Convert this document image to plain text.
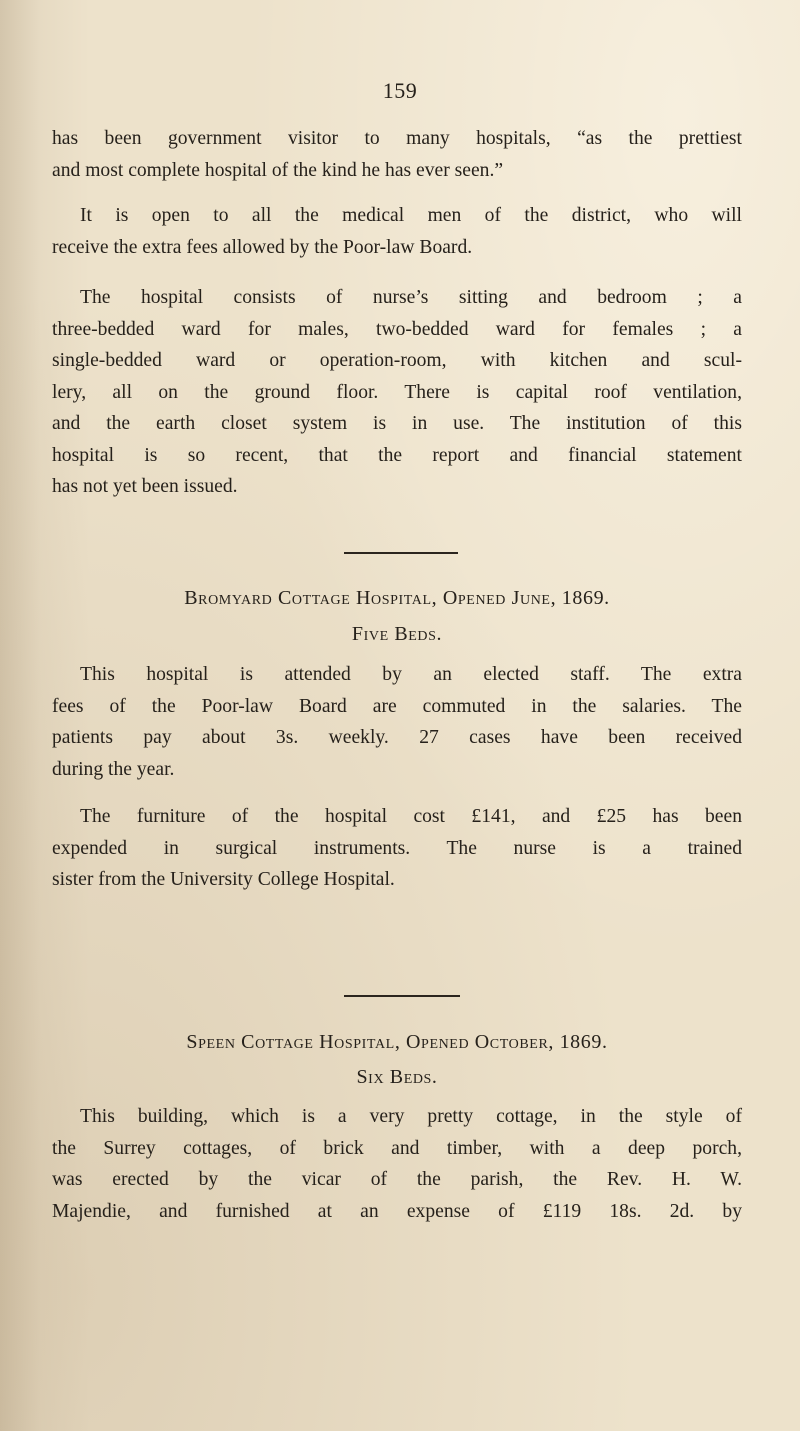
159
has been government visitor to many hospitals, “as the prettiest
and most complete hospital of the kind he has ever seen.”
It is open to all the medical men of the district, who will
receive the extra fees allowed by the Poor-law Board.
The hospital consists of nurse’s sitting and bedroom ; a
three-bedded ward for males, two-bedded ward for females ; a
single-bedded ward or operation-room, with kitchen and scul-
lery, all on the ground floor. There is capital roof ventilation,
and the earth closet system is in use. The institution of this
hospital is so recent, that the report and financial statement
has not yet been issued.
Bromyard Cottage Hospital, Opened June, 1869.
Five Beds.
This hospital is attended by an elected staff. The extra
fees of the Poor-law Board are commuted in the salaries. The
patients pay about 3s. weekly. 27 cases have been received
during the year.
The furniture of the hospital cost £141, and £25 has been
expended in surgical instruments. The nurse is a trained
sister from the University College Hospital.
Speen Cottage Hospital, Opened October, 1869.
Six Beds.
This building, which is a very pretty cottage, in the style of
the Surrey cottages, of brick and timber, with a deep porch,
was erected by the vicar of the parish, the Rev. H. W.
Majendie, and furnished at an expense of £119 18s. 2d. by
